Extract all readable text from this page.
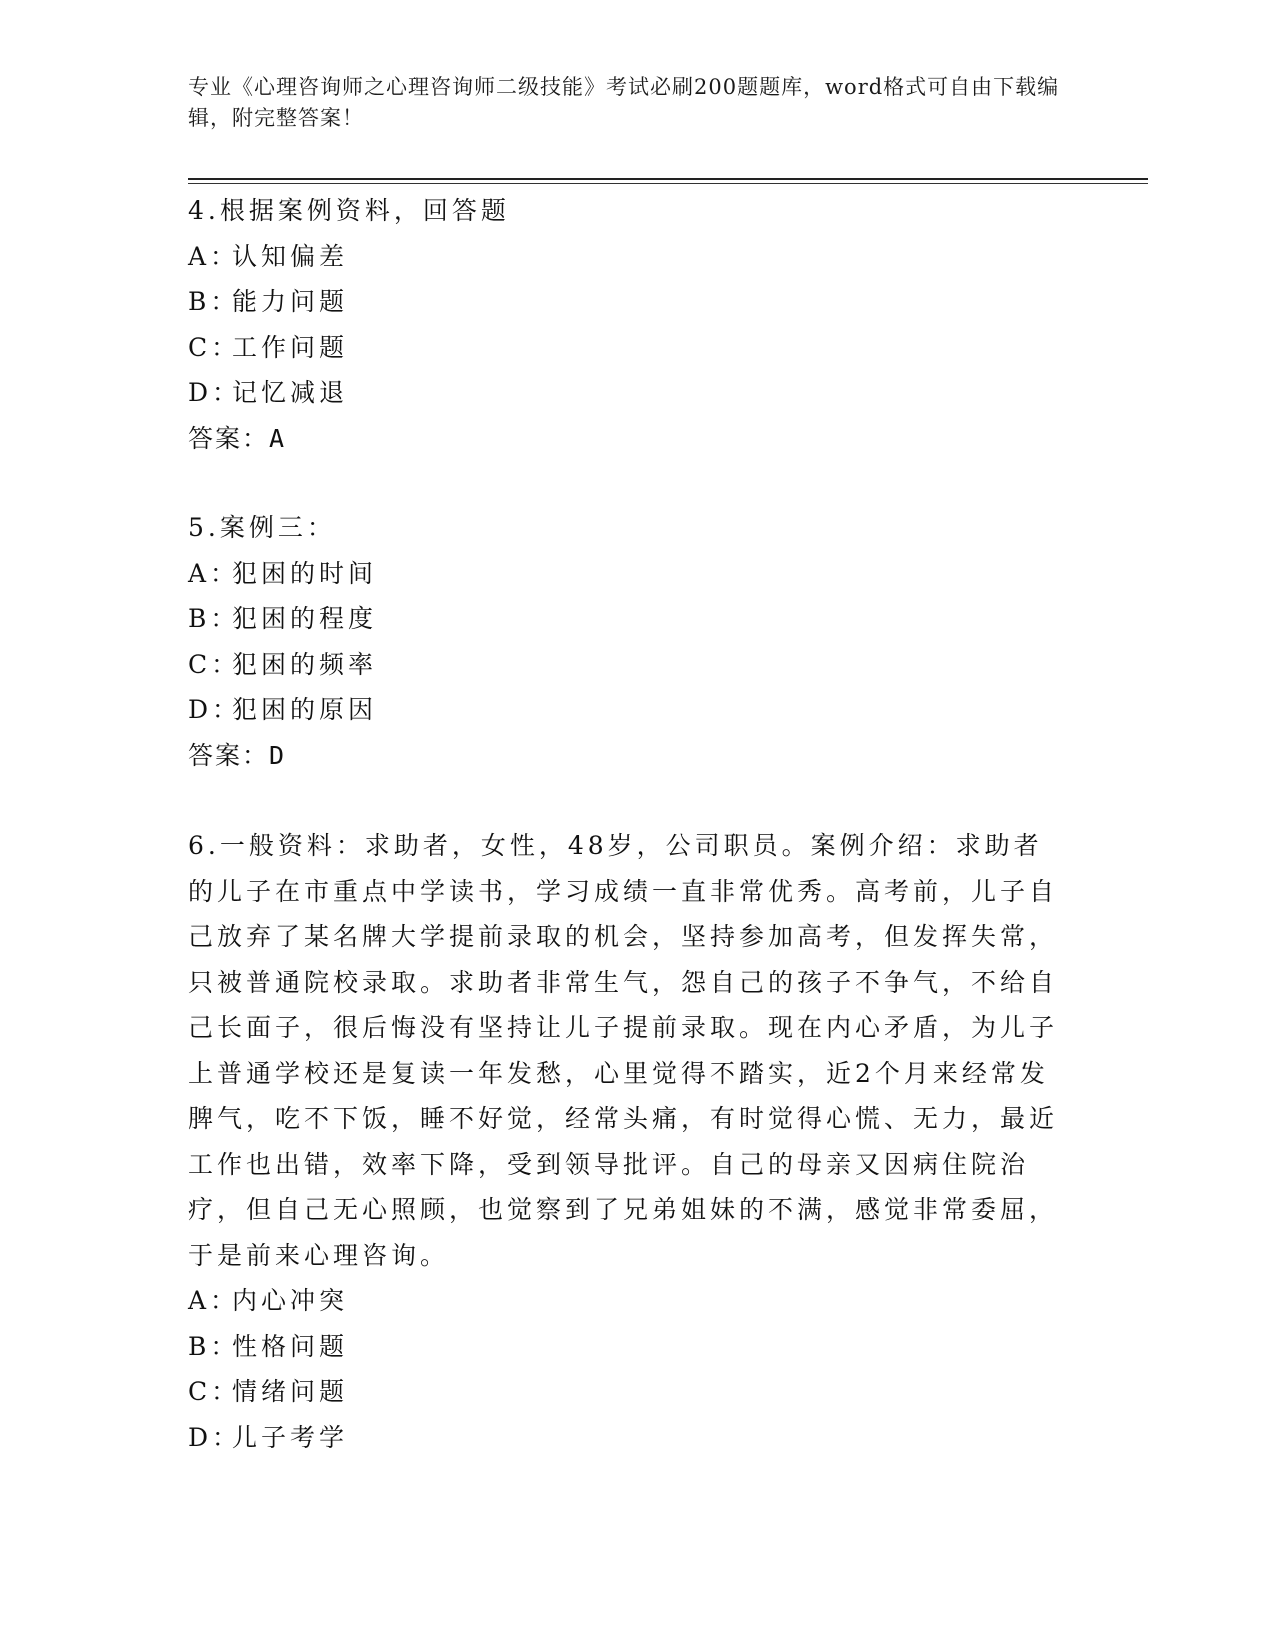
专业《心理咨询师之心理咨询师二级技能》考试必刷200题题库，word格式可自由下载编辑，附完整答案！

4.根据案例资料，回答题

A：
认知偏差

B：
能力问题

C：
工作问题

D：
记忆减退

答案：A

5.案例三：

A：
犯困的时间

B：
犯困的程度

C：
犯困的频率

D：
犯困的原因

答案：D

6.一般资料：求助者，女性，48岁，公司职员。案例介绍：求助者的儿子在市重点中学读书，学习成绩一直非常优秀。高考前，儿子自己放弃了某名牌大学提前录取的机会，坚持参加高考，但发挥失常，只被普通院校录取。求助者非常生气，怨自己的孩子不争气，不给自己长面子，很后悔没有坚持让儿子提前录取。现在内心矛盾，为儿子上普通学校还是复读一年发愁，心里觉得不踏实，近2个月来经常发脾气，吃不下饭，睡不好觉，经常头痛，有时觉得心慌、无力，最近工作也出错，效率下降，受到领导批评。自己的母亲又因病住院治疗，但自己无心照顾，也觉察到了兄弟姐妹的不满，感觉非常委屈，于是前来心理咨询。

A：
内心冲突

B：
性格问题

C：
情绪问题

D：
儿子考学
